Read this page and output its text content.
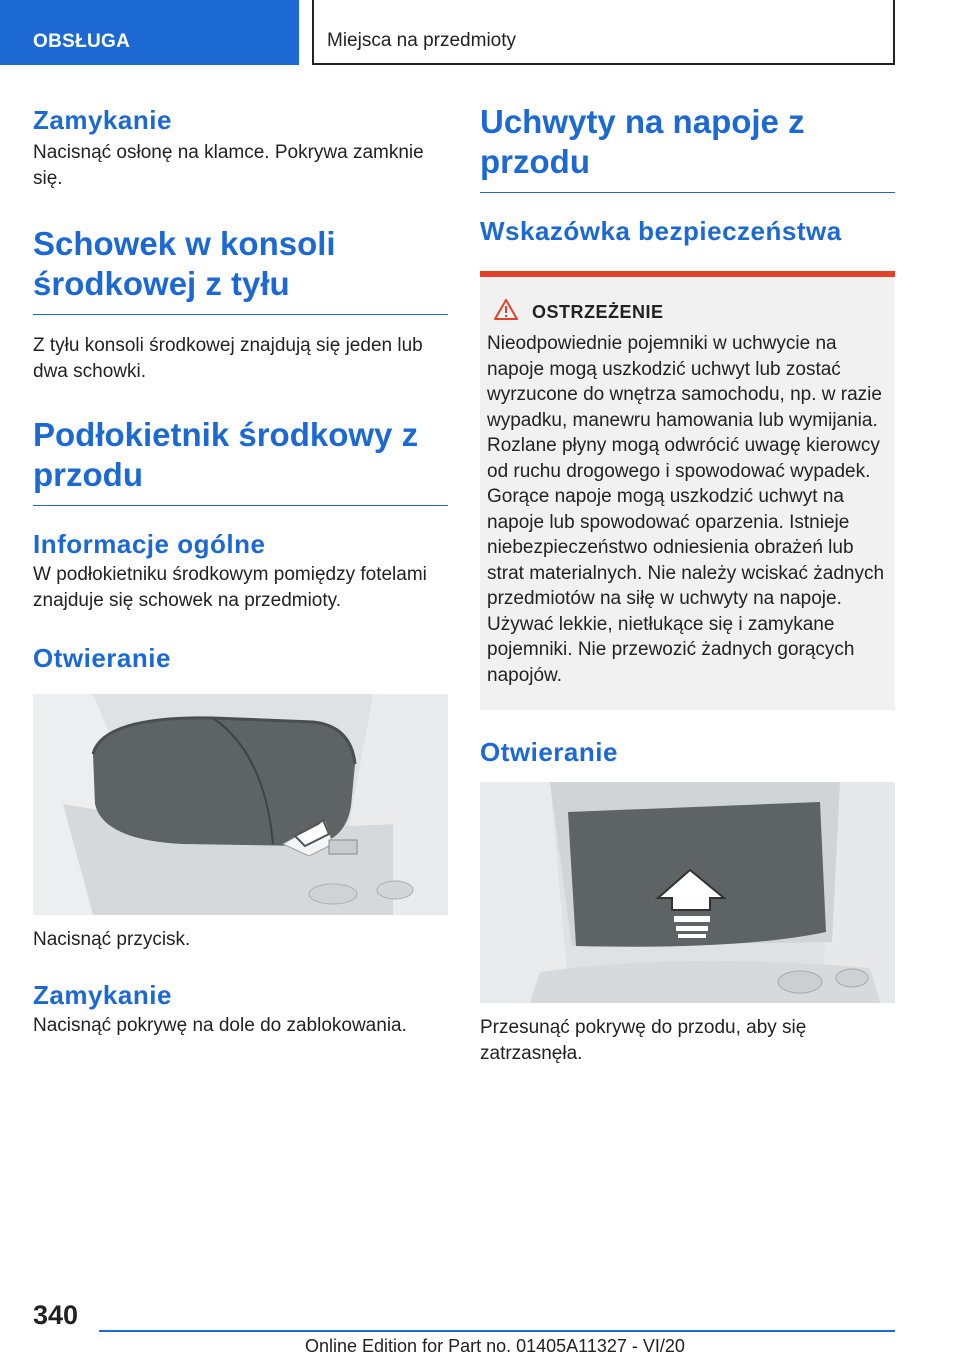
OBSŁUGA	Miejsca na przedmioty
Zamykanie

Nacisnąć osłonę na klamce. Pokrywa zamknie się.

Schowek w konsoli środkowej z tyłu

Z tyłu konsoli środkowej znajdują się jeden lub dwa schowki.

Podłokietnik środkowy z przodu
Informacje ogólne

W podłokietniku środkowym pomiędzy fotelami znajduje się schowek na przedmioty.

Otwieranie

Nacisnąć przycisk.

Zamykanie

Nacisnąć pokrywę na dole do zablokowania.

Uchwyty na napoje z przodu
Wskazówka bezpieczeństwa
OSTRZEŻENIE

Nieodpowiednie pojemniki w uchwycie na napoje mogą uszkodzić uchwyt lub zostać wyrzucone do wnętrza samochodu, np. w razie wypadku, manewru hamowania lub wymijania. Rozlane płyny mogą odwrócić uwagę kierowcy od ruchu drogowego i spowodować wypadek. Gorące napoje mogą uszkodzić uchwyt na napoje lub spowodować oparzenia. Istnieje niebezpieczeństwo odniesienia obrażeń lub strat materialnych. Nie należy wciskać żadnych przedmiotów na siłę w uchwyty na napoje. Używać lekkie, nietłukące się i zamykane pojemniki. Nie przewozić żadnych gorących napojów.

Otwieranie

Przesunąć pokrywę do przodu, aby się zatrzasnęła.

340
Online Edition for Part no. 01405A11327 - VI/20
